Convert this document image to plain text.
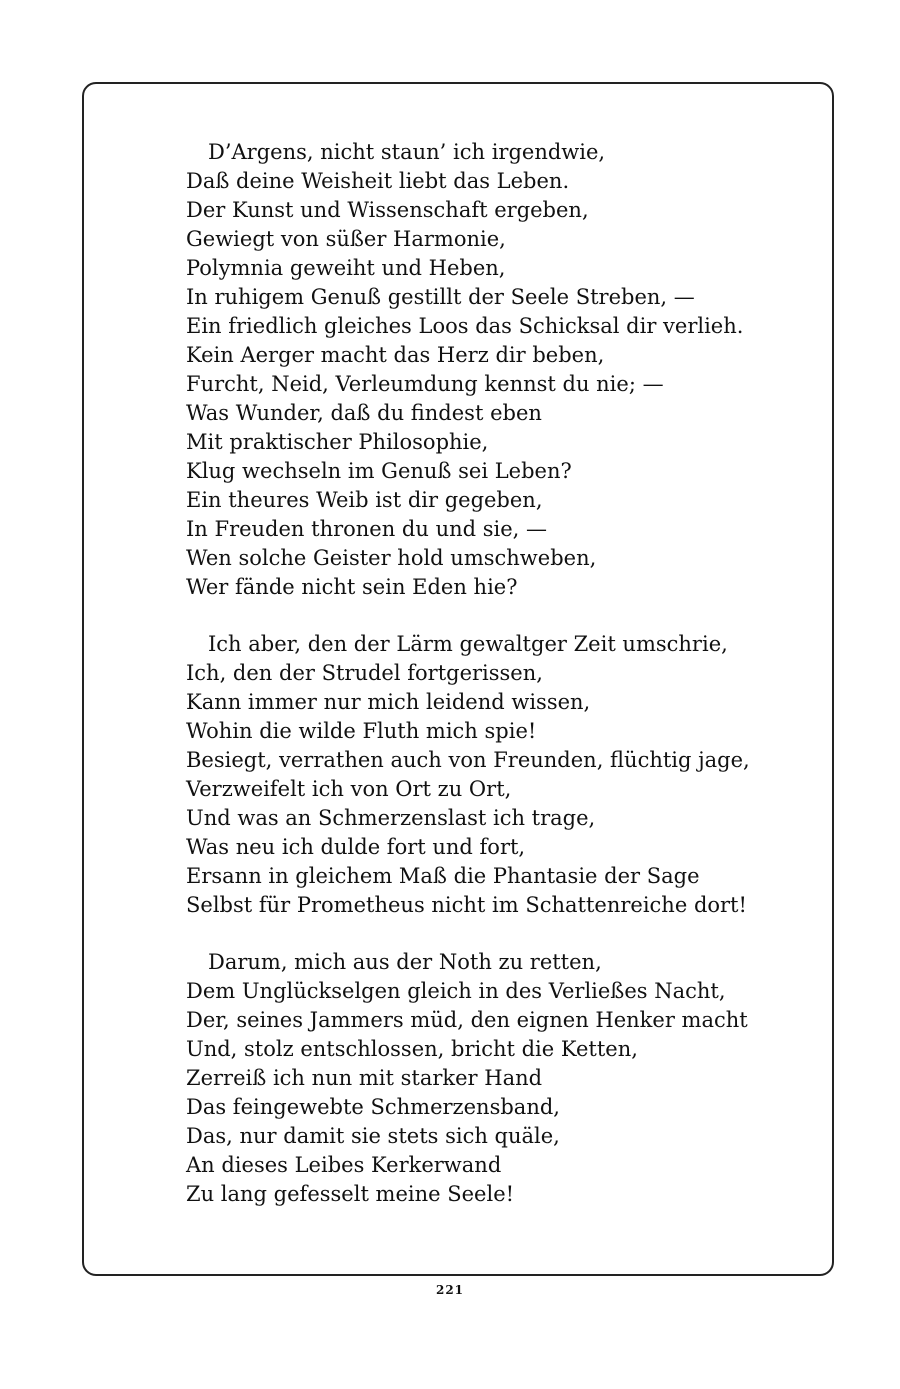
D’Argens, nicht staun’ ich irgendwie,
Daß deine Weisheit liebt das Leben.
Der Kunst und Wissenschaft ergeben,
Gewiegt von süßer Harmonie,
Polymnia geweiht und Heben,
In ruhigem Genuß gestillt der Seele Streben, —
Ein friedlich gleiches Loos das Schicksal dir verlieh.
Kein Aerger macht das Herz dir beben,
Furcht, Neid, Verleumdung kennst du nie; —
Was Wunder, daß du findest eben
Mit praktischer Philosophie,
Klug wechseln im Genuß sei Leben?
Ein theures Weib ist dir gegeben,
In Freuden thronen du und sie, —
Wen solche Geister hold umschweben,
Wer fände nicht sein Eden hie?
Ich aber, den der Lärm gewaltger Zeit umschrie,
Ich, den der Strudel fortgerissen,
Kann immer nur mich leidend wissen,
Wohin die wilde Fluth mich spie!
Besiegt, verrathen auch von Freunden, flüchtig jage,
Verzweifelt ich von Ort zu Ort,
Und was an Schmerzenslast ich trage,
Was neu ich dulde fort und fort,
Ersann in gleichem Maß die Phantasie der Sage
Selbst für Prometheus nicht im Schattenreiche dort!
Darum, mich aus der Noth zu retten,
Dem Unglückselgen gleich in des Verließes Nacht,
Der, seines Jammers müd, den eignen Henker macht
Und, stolz entschlossen, bricht die Ketten,
Zerreiß ich nun mit starker Hand
Das feingewebte Schmerzensband,
Das, nur damit sie stets sich quäle,
An dieses Leibes Kerkerwand
Zu lang gefesselt meine Seele!
221
